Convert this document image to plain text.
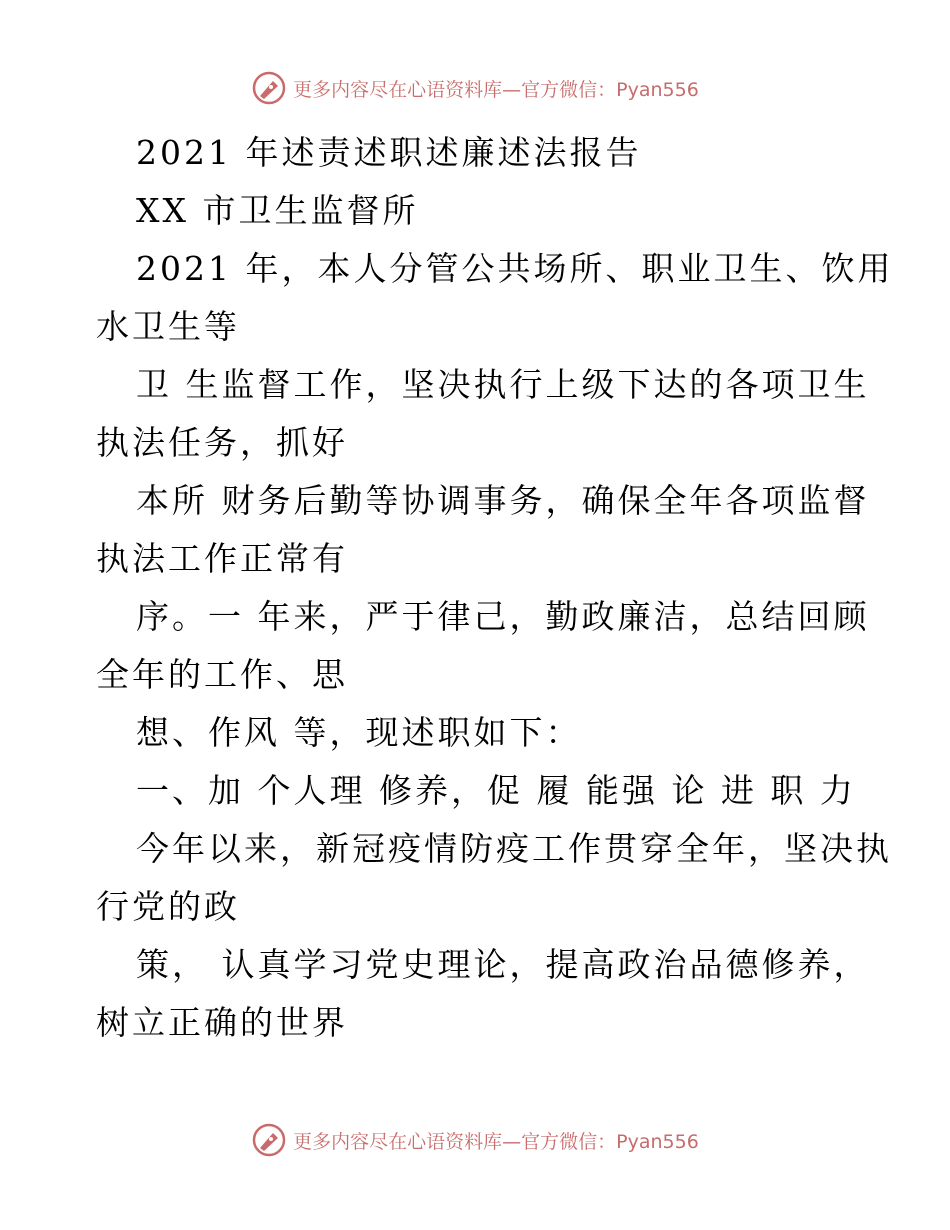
更多内容尽在心语资料库—官方微信：Pyan556
2021 年述责述职述廉述法报告
XX 市卫生监督所
2021 年，本人分管公共场所、职业卫生、饮用
水卫生等
卫 生监督工作，坚决执行上级下达的各项卫生
执法任务，抓好
本所 财务后勤等协调事务，确保全年各项监督
执法工作正常有
序。一 年来，严于律己，勤政廉洁，总结回顾
全年的工作、思
想、作风 等，现述职如下：
一、加 个人理 修养，促 履 能强 论 进 职 力
今年以来，新冠疫情防疫工作贯穿全年，坚决执
行党的政
策， 认真学习党史理论，提高政治品德修养，
树立正确的世界
更多内容尽在心语资料库—官方微信：Pyan556
